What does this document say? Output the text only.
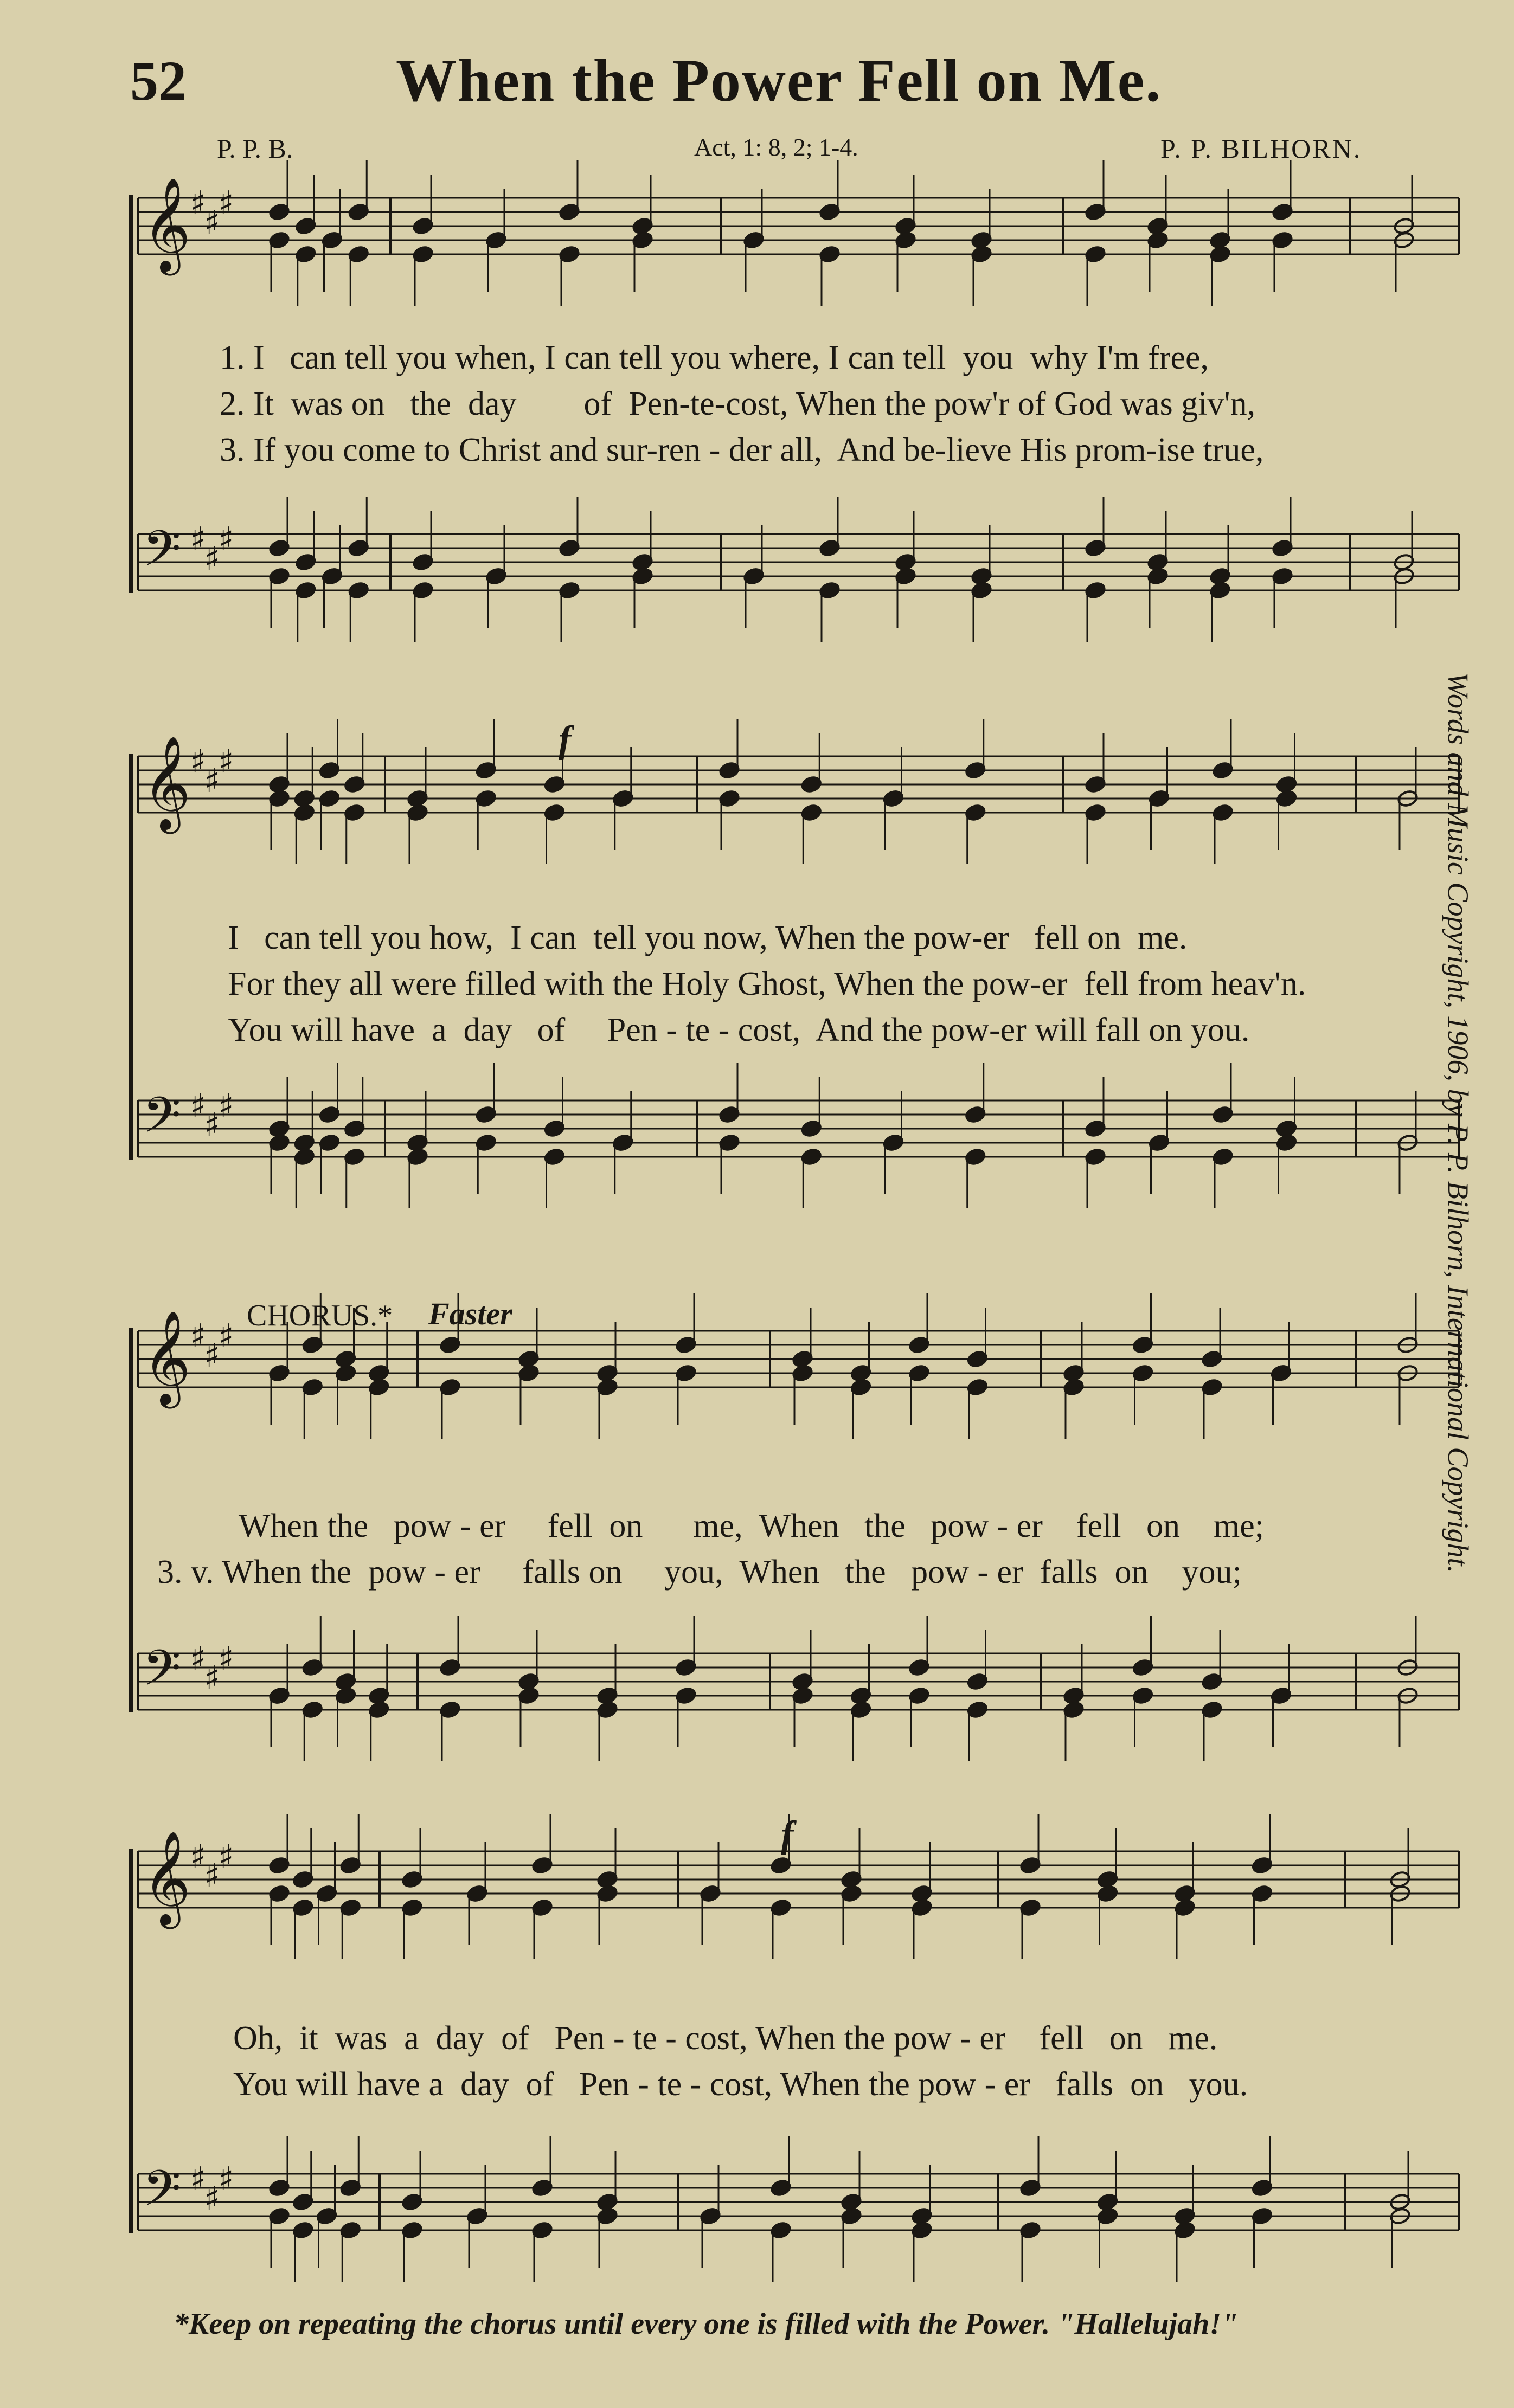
52	When the Power Fell on Me.
P. P. B.	Act, 1: 8, 2; 1-4.	P. P. BILHORN.
𝄞
♯
♯
♯
𝄢 ♯
♯
♯
𝄞
♯
♯
♯
𝄢 ♯
♯
♯
𝄞
♯
♯
♯
𝄢 ♯
♯
♯
𝄞
♯
♯
♯
𝄢 ♯
♯
♯
1. I   can tell you when, I can tell you where, I can tell  you  why I'm free,
2. It  was on   the  day        of  Pen-te-cost, When the pow'r of God was giv'n,
3. If you come to Christ and sur-ren - der all,  And be-lieve His prom-ise true,
f
I   can tell you how,  I can  tell you now, When the pow-er   fell on  me.
For they all were filled with the Holy Ghost, When the pow-er  fell from heav'n.
You will have  a  day   of     Pen - te - cost,  And the pow-er will fall on you.
CHORUS.* Faster
When the   pow - er     fell  on      me,  When   the   pow - er    fell   on    me;
3. v. When the  pow - er     falls on     you,  When   the   pow - er  falls  on    you;
f
Oh,  it  was  a  day  of   Pen - te - cost, When the pow - er    fell   on   me.
You will have a  day  of   Pen - te - cost, When the pow - er   falls  on   you.
Words and Music Copyright, 1906, by P. P. Bilhorn, International Copyright.
*Keep on repeating the chorus until every one is filled with the Power. "Hallelujah!"
